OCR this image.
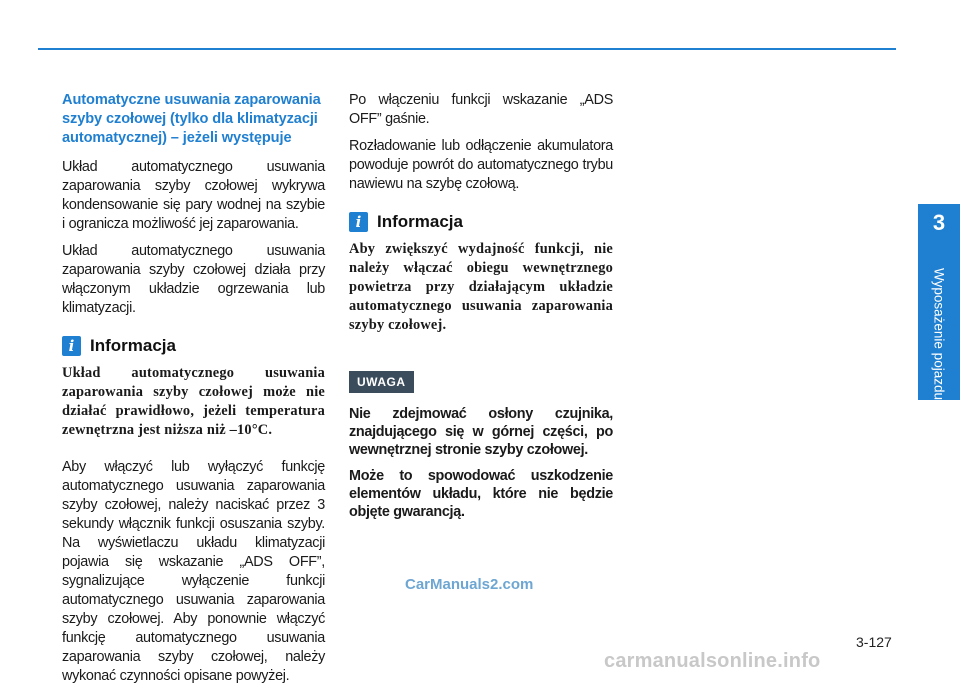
Automatyczne usuwania zaparowania szyby czołowej (tylko dla klimatyzacji automatycznej) – jeżeli występuje
Układ automatycznego usuwania zaparowania szyby czołowej wykrywa kondensowanie się pary wodnej na szybie i ogranicza możliwość jej zaparowania.
Układ automatycznego usuwania zaparowania szyby czołowej działa przy włączonym układzie ogrzewania lub klimatyzacji.
i Informacja
Układ automatycznego usuwania zaparowania szyby czołowej może nie działać prawidłowo, jeżeli temperatura zewnętrzna jest niższa niż –10°C.
Aby włączyć lub wyłączyć funkcję automatycznego usuwania zaparowania szyby czołowej, należy naciskać przez 3 sekundy włącznik funkcji osuszania szyby. Na wyświetlaczu układu klimatyzacji pojawia się wskazanie „ADS OFF”, sygnalizujące wyłączenie funkcji automatycznego usuwania zaparowania szyby czołowej. Aby ponownie włączyć funkcję automatycznego usuwania zaparowania szyby czołowej, należy wykonać czynności opisane powyżej.
Po włączeniu funkcji wskazanie „ADS OFF” gaśnie.
Rozładowanie lub odłączenie akumulatora powoduje powrót do automatycznego trybu nawiewu na szybę czołową.
i Informacja
Aby zwiększyć wydajność funkcji, nie należy włączać obiegu wewnętrznego powietrza przy działającym układzie automatycznego usuwania zaparowania szyby czołowej.
UWAGA
Nie zdejmować osłony czujnika, znajdującego się w górnej części, po wewnętrznej stronie szyby czołowej.
Może to spowodować uszkodzenie elementów układu, które nie będzie objęte gwarancją.
3
Wyposażenie pojazdu
CarManuals2.com
3-127
carmanualsonline.info
